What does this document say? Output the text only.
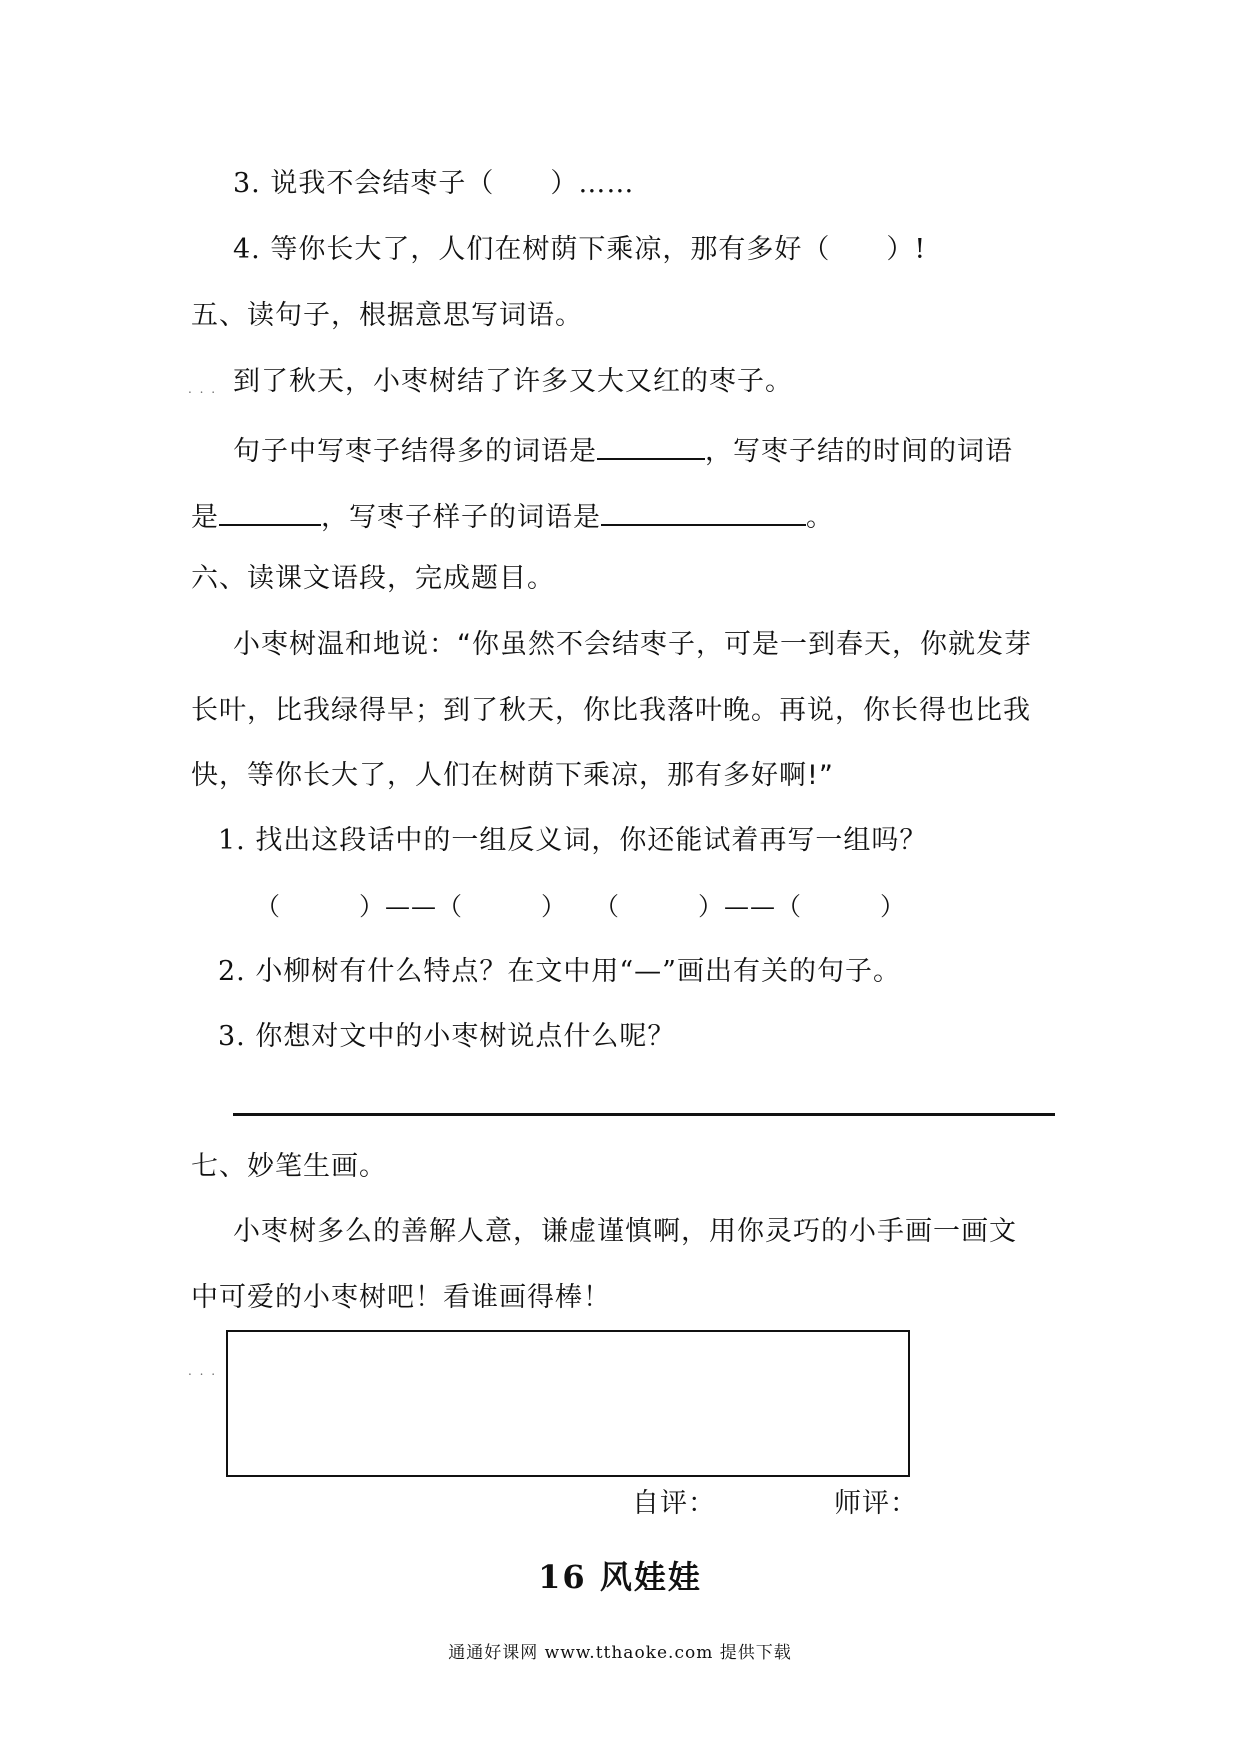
3. 说我不会结枣子（　　）……
4. 等你长大了，人们在树荫下乘凉，那有多好（　　）!
五、读句子，根据意思写词语。
. . . 到了秋天，小枣树结了许多又大又红的枣子。
句子中写枣子结得多的词语是	，写枣子结的时间的词语
是	，写枣子样子的词语是	。
六、读课文语段，完成题目。
小枣树温和地说：“你虽然不会结枣子，可是一到春天，你就发芽
长叶，比我绿得早；到了秋天，你比我落叶晚。再说，你长得也比我
快，等你长大了，人们在树荫下乘凉，那有多好啊!”
1. 找出这段话中的一组反义词，你还能试着再写一组吗？
（　　　）——（　　　）　　（　　　）——（　　　）
2. 小柳树有什么特点？在文中用“—”画出有关的句子。
3. 你想对文中的小枣树说点什么呢？
七、妙笔生画。
小枣树多么的善解人意，谦虚谨慎啊，用你灵巧的小手画一画文
中可爱的小枣树吧！看谁画得棒！
. . .
自评：	师评：
16 风娃娃
通通好课网 www.tthaoke.com 提供下载
